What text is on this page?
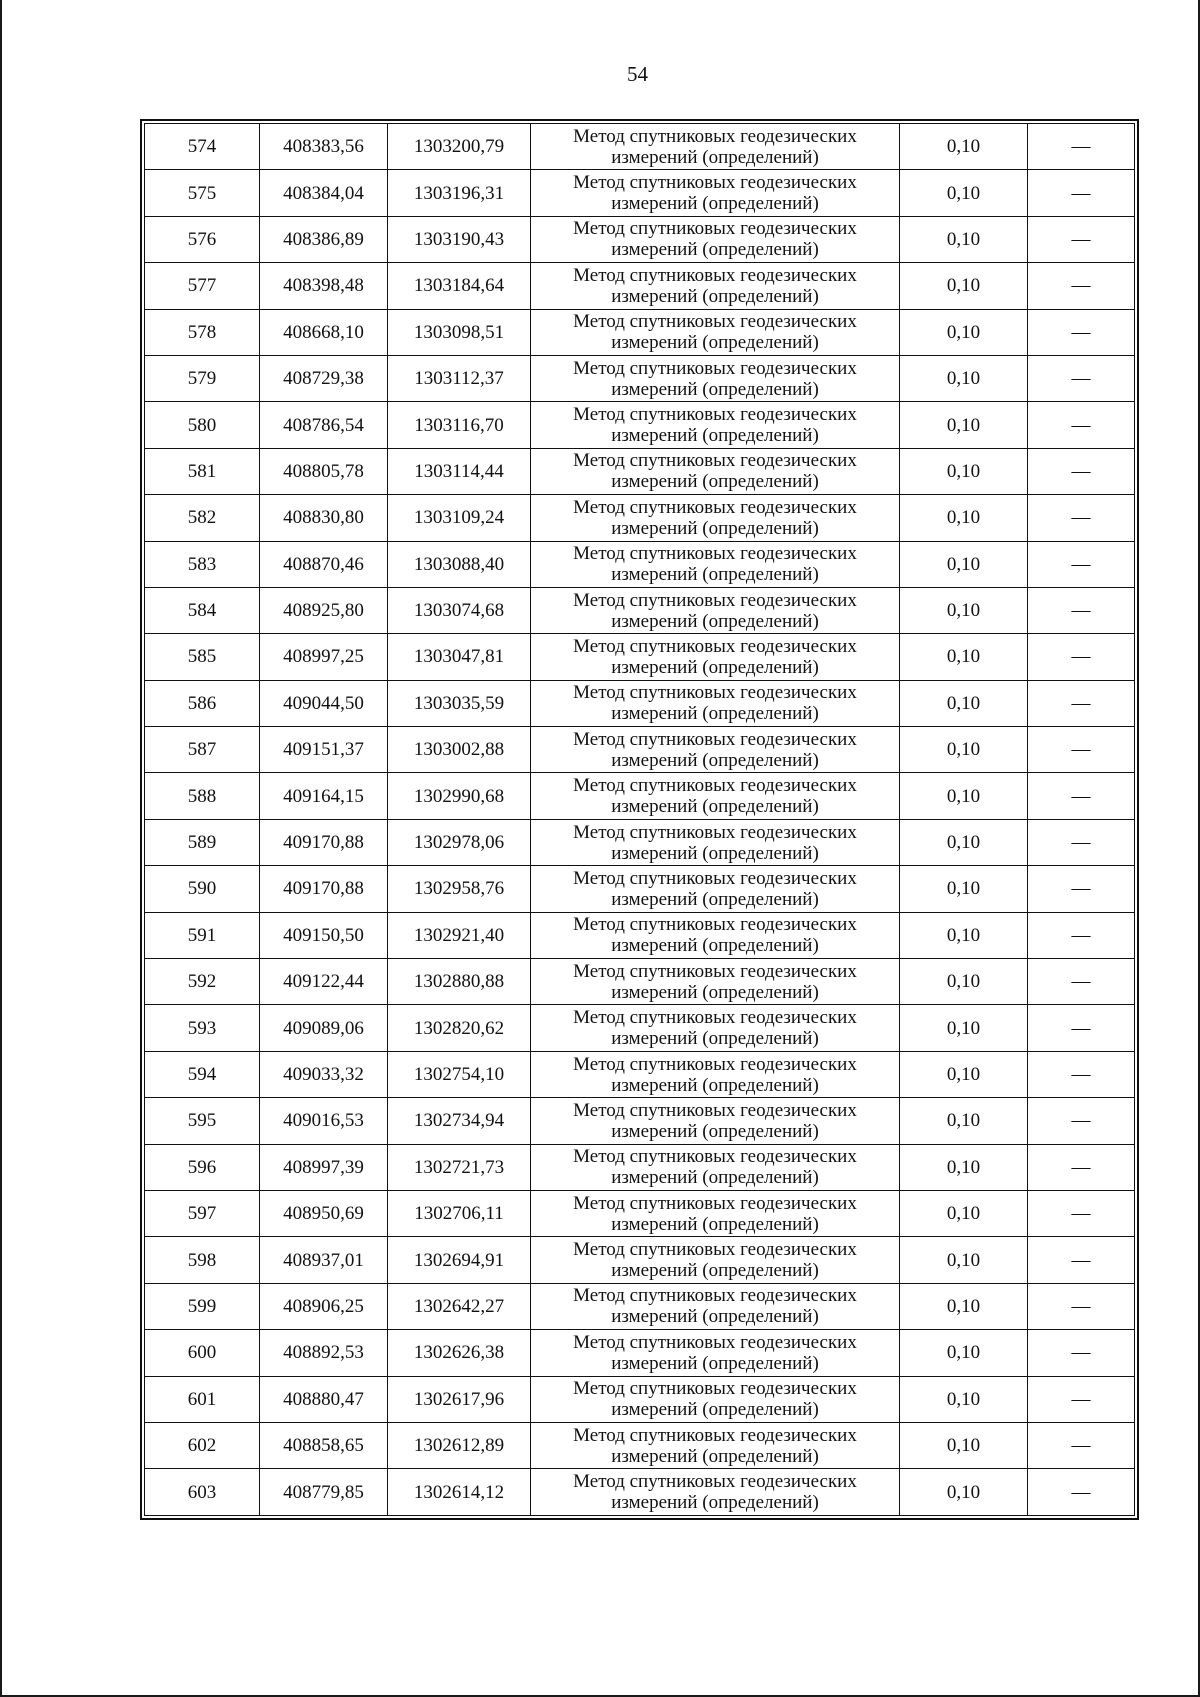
54
574	408383,56	1303200,79	Метод спутниковых геодезических измерений (определений)	0,10	—
575	408384,04	1303196,31	Метод спутниковых геодезических измерений (определений)	0,10	—
576	408386,89	1303190,43	Метод спутниковых геодезических измерений (определений)	0,10	—
577	408398,48	1303184,64	Метод спутниковых геодезических измерений (определений)	0,10	—
578	408668,10	1303098,51	Метод спутниковых геодезических измерений (определений)	0,10	—
579	408729,38	1303112,37	Метод спутниковых геодезических измерений (определений)	0,10	—
580	408786,54	1303116,70	Метод спутниковых геодезических измерений (определений)	0,10	—
581	408805,78	1303114,44	Метод спутниковых геодезических измерений (определений)	0,10	—
582	408830,80	1303109,24	Метод спутниковых геодезических измерений (определений)	0,10	—
583	408870,46	1303088,40	Метод спутниковых геодезических измерений (определений)	0,10	—
584	408925,80	1303074,68	Метод спутниковых геодезических измерений (определений)	0,10	—
585	408997,25	1303047,81	Метод спутниковых геодезических измерений (определений)	0,10	—
586	409044,50	1303035,59	Метод спутниковых геодезических измерений (определений)	0,10	—
587	409151,37	1303002,88	Метод спутниковых геодезических измерений (определений)	0,10	—
588	409164,15	1302990,68	Метод спутниковых геодезических измерений (определений)	0,10	—
589	409170,88	1302978,06	Метод спутниковых геодезических измерений (определений)	0,10	—
590	409170,88	1302958,76	Метод спутниковых геодезических измерений (определений)	0,10	—
591	409150,50	1302921,40	Метод спутниковых геодезических измерений (определений)	0,10	—
592	409122,44	1302880,88	Метод спутниковых геодезических измерений (определений)	0,10	—
593	409089,06	1302820,62	Метод спутниковых геодезических измерений (определений)	0,10	—
594	409033,32	1302754,10	Метод спутниковых геодезических измерений (определений)	0,10	—
595	409016,53	1302734,94	Метод спутниковых геодезических измерений (определений)	0,10	—
596	408997,39	1302721,73	Метод спутниковых геодезических измерений (определений)	0,10	—
597	408950,69	1302706,11	Метод спутниковых геодезических измерений (определений)	0,10	—
598	408937,01	1302694,91	Метод спутниковых геодезических измерений (определений)	0,10	—
599	408906,25	1302642,27	Метод спутниковых геодезических измерений (определений)	0,10	—
600	408892,53	1302626,38	Метод спутниковых геодезических измерений (определений)	0,10	—
601	408880,47	1302617,96	Метод спутниковых геодезических измерений (определений)	0,10	—
602	408858,65	1302612,89	Метод спутниковых геодезических измерений (определений)	0,10	—
603	408779,85	1302614,12	Метод спутниковых геодезических измерений (определений)	0,10	—
